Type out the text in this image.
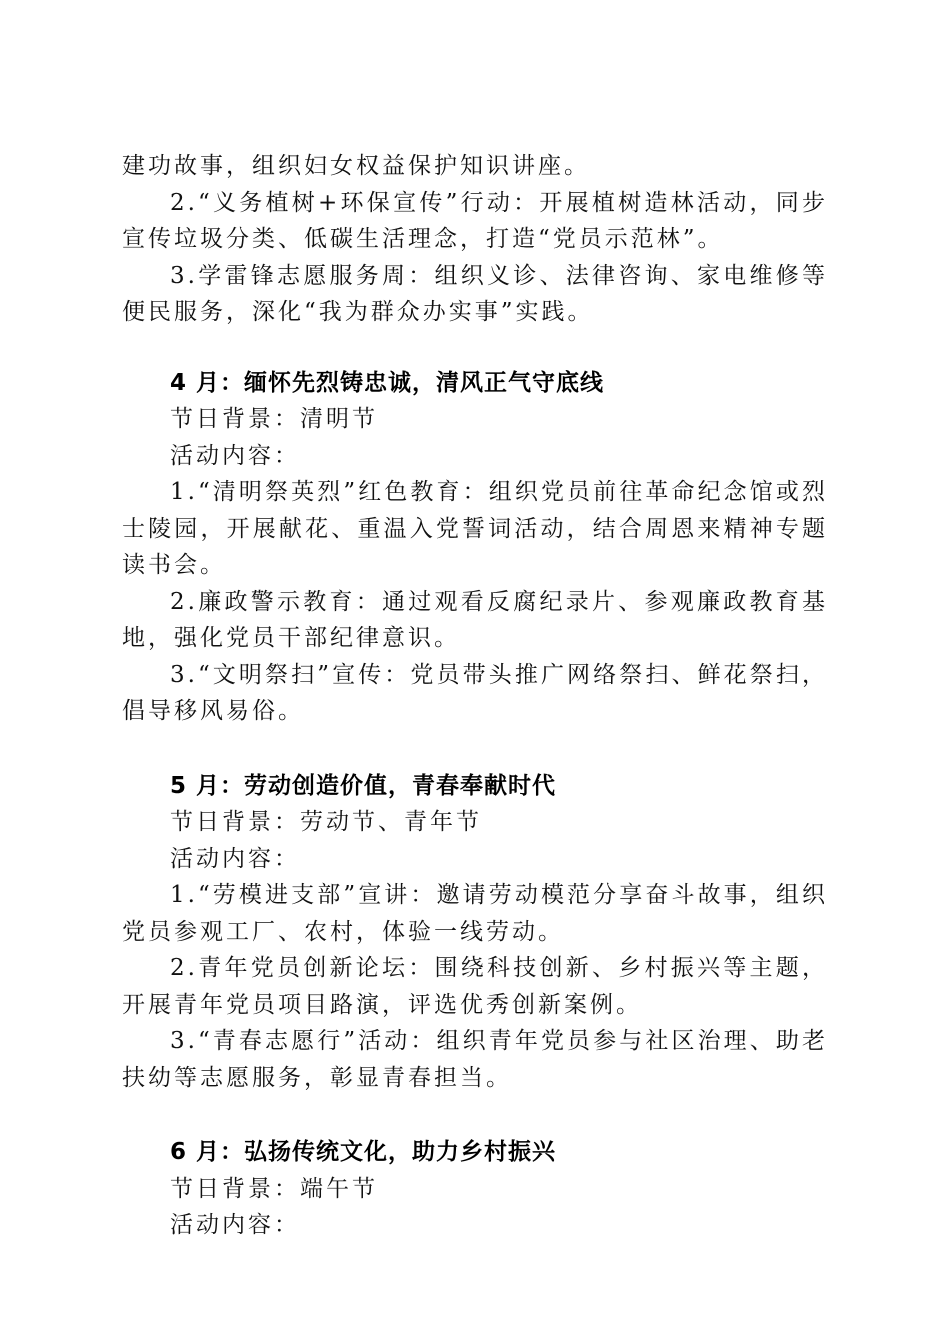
建功故事，组织妇女权益保护知识讲座。

2.“义务植树+环保宣传”行动：开展植树造林活动，同步宣传垃圾分类、低碳生活理念，打造“党员示范林”。

3.学雷锋志愿服务周：组织义诊、法律咨询、家电维修等便民服务，深化“我为群众办实事”实践。

4 月：缅怀先烈铸忠诚，清风正气守底线

节日背景：清明节

活动内容：

1.“清明祭英烈”红色教育：组织党员前往革命纪念馆或烈士陵园，开展献花、重温入党誓词活动，结合周恩来精神专题读书会。

2.廉政警示教育：通过观看反腐纪录片、参观廉政教育基地，强化党员干部纪律意识。

3.“文明祭扫”宣传：党员带头推广网络祭扫、鲜花祭扫，倡导移风易俗。

5 月：劳动创造价值，青春奉献时代

节日背景：劳动节、青年节

活动内容：

1.“劳模进支部”宣讲：邀请劳动模范分享奋斗故事，组织党员参观工厂、农村，体验一线劳动。

2.青年党员创新论坛：围绕科技创新、乡村振兴等主题，开展青年党员项目路演，评选优秀创新案例。

3.“青春志愿行”活动：组织青年党员参与社区治理、助老扶幼等志愿服务，彰显青春担当。

6 月：弘扬传统文化，助力乡村振兴

节日背景：端午节

活动内容：
